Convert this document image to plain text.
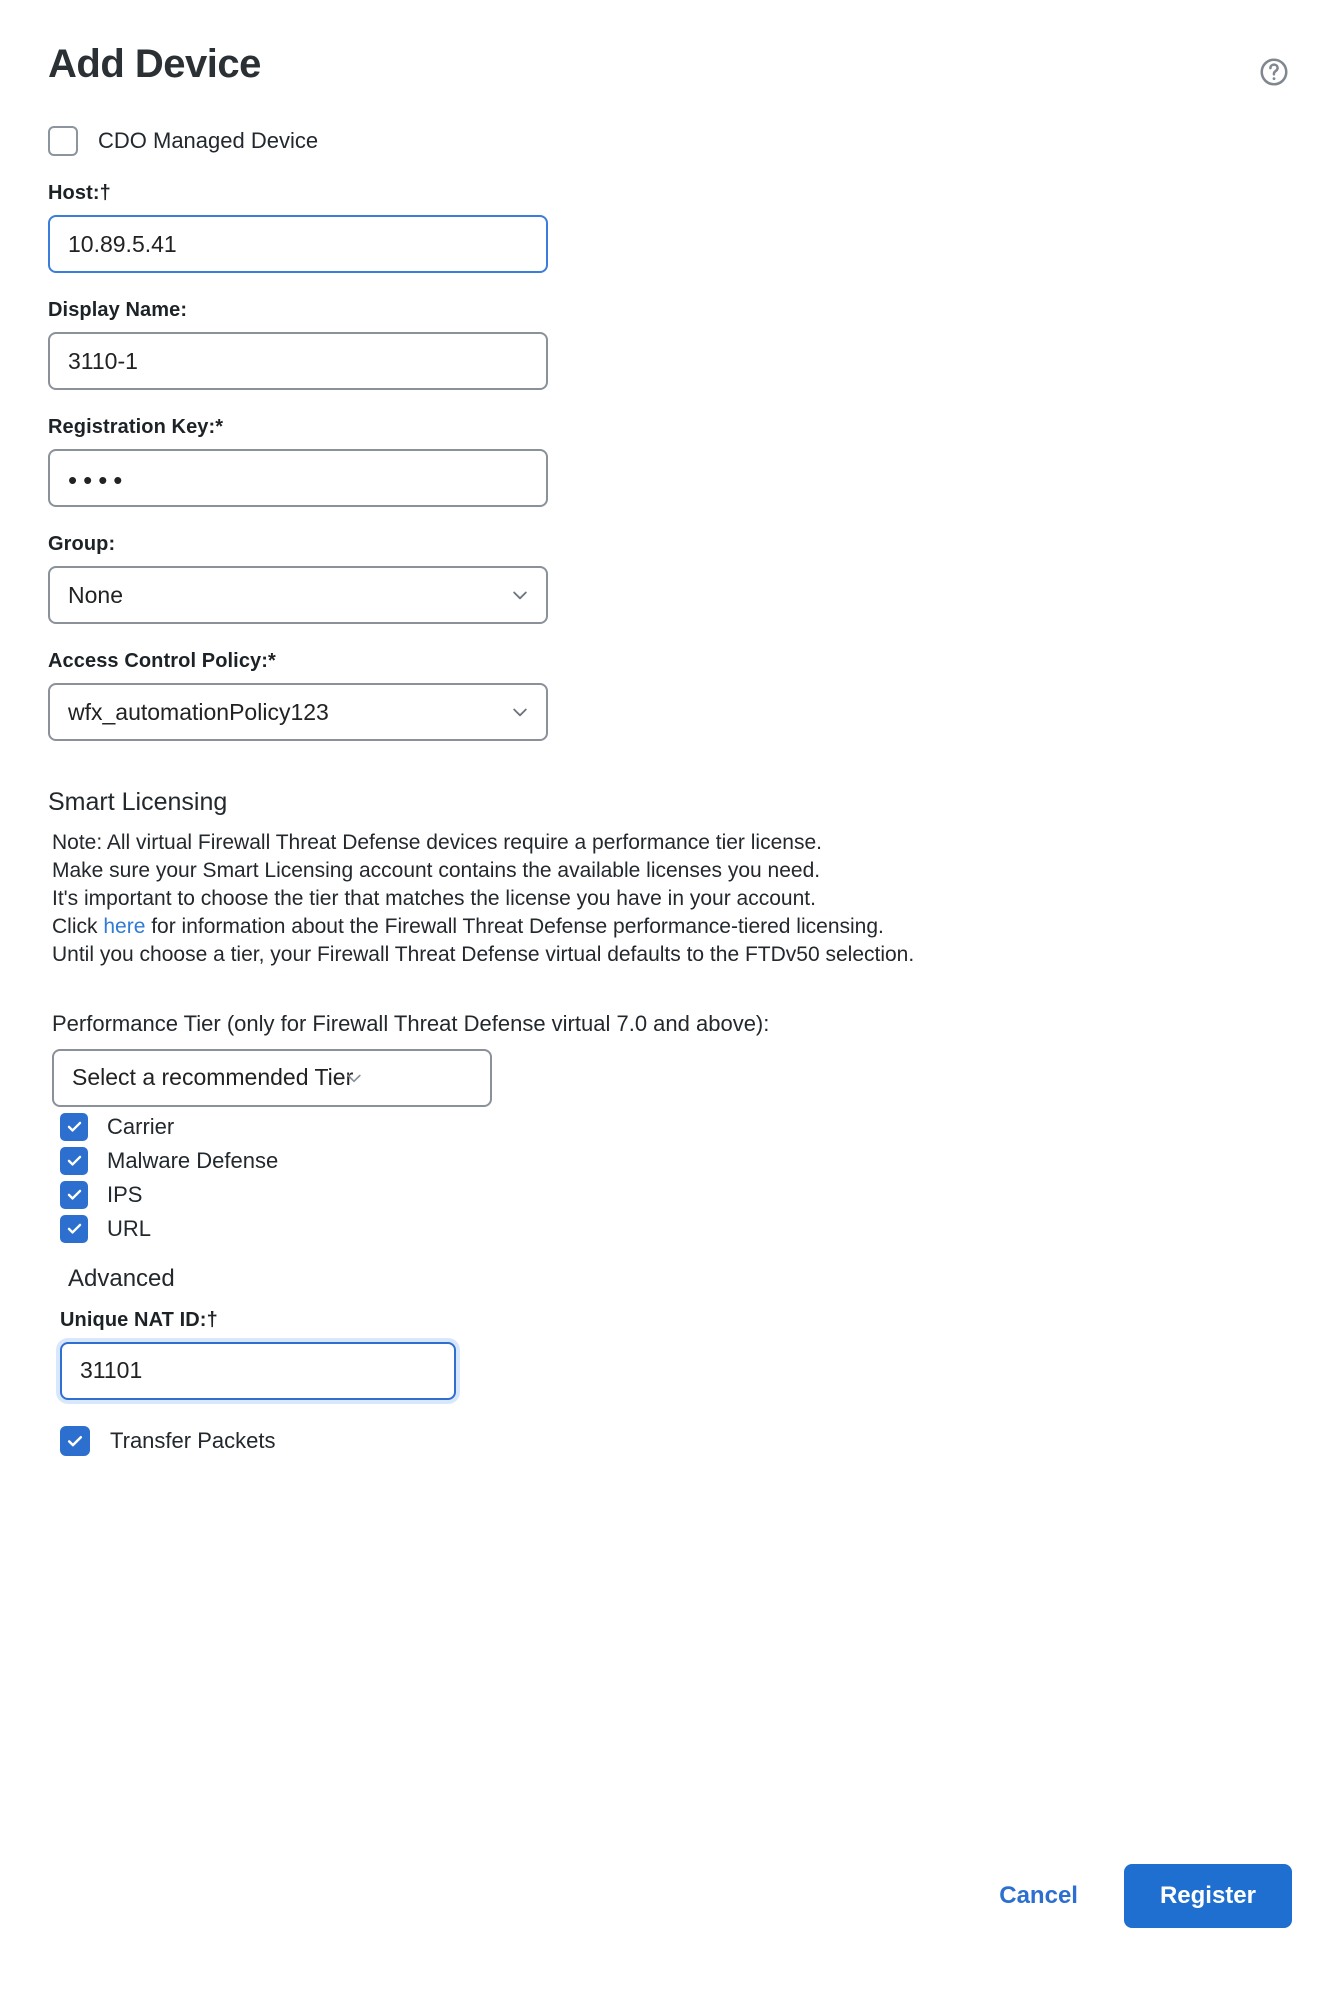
Add Device
CDO Managed Device
Host:†
10.89.5.41
Display Name:
3110-1
Registration Key:*
••••
Group:
None
Access Control Policy:*
wfx_automationPolicy123
Smart Licensing
Note: All virtual Firewall Threat Defense devices require a performance tier license.
Make sure your Smart Licensing account contains the available licenses you need.
It's important to choose the tier that matches the license you have in your account.
Click here for information about the Firewall Threat Defense performance-tiered licensing.
Until you choose a tier, your Firewall Threat Defense virtual defaults to the FTDv50 selection.
Performance Tier (only for Firewall Threat Defense virtual 7.0 and above):
Select a recommended Tier
Carrier
Malware Defense
IPS
URL
Advanced
Unique NAT ID:†
31101
Transfer Packets
Cancel	Register
